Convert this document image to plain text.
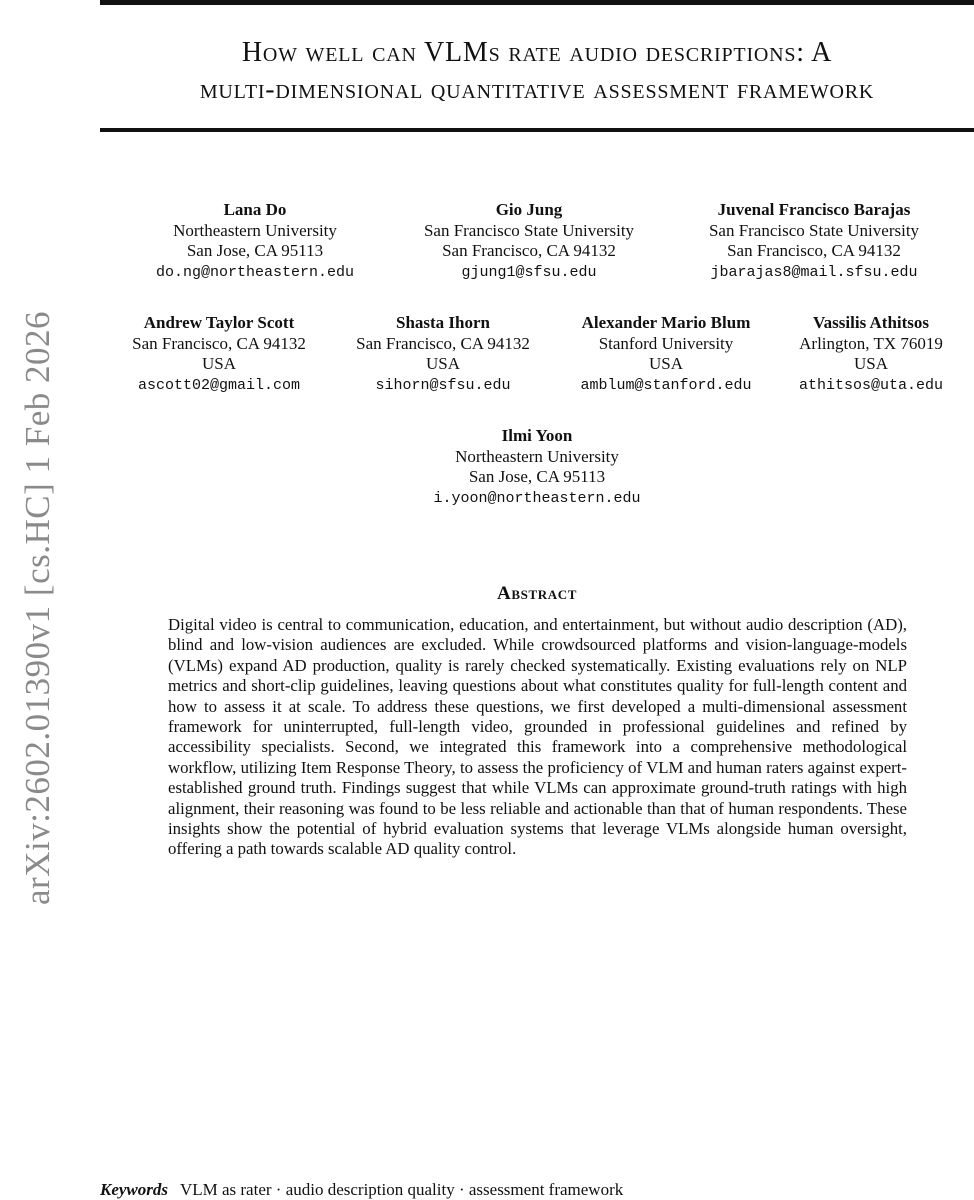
arXiv:2602.01390v1 [cs.HC] 1 Feb 2026
How well can VLMs rate audio descriptions: A
multi-dimensional quantitative assessment framework
Lana Do
Northeastern University
San Jose, CA 95113
do.ng@northeastern.edu
Gio Jung
San Francisco State University
San Francisco, CA 94132
gjung1@sfsu.edu
Juvenal Francisco Barajas
San Francisco State University
San Francisco, CA 94132
jbarajas8@mail.sfsu.edu
Andrew Taylor Scott
San Francisco, CA 94132
USA
ascott02@gmail.com
Shasta Ihorn
San Francisco, CA 94132
USA
sihorn@sfsu.edu
Alexander Mario Blum
Stanford University
USA
amblum@stanford.edu
Vassilis Athitsos
Arlington, TX 76019
USA
athitsos@uta.edu
Ilmi Yoon
Northeastern University
San Jose, CA 95113
i.yoon@northeastern.edu
Abstract
Digital video is central to communication, education, and entertainment, but without audio description (AD), blind and low-vision audiences are excluded. While crowdsourced platforms and vision-language-models (VLMs) expand AD production, quality is rarely checked systematically. Existing evaluations rely on NLP metrics and short-clip guidelines, leaving questions about what constitutes quality for full-length content and how to assess it at scale. To address these questions, we first developed a multi-dimensional assessment framework for uninterrupted, full-length video, grounded in professional guidelines and refined by accessibility specialists. Second, we integrated this framework into a comprehensive methodological workflow, utilizing Item Response Theory, to assess the proficiency of VLM and human raters against expert-established ground truth. Findings suggest that while VLMs can approximate ground-truth ratings with high alignment, their reasoning was found to be less reliable and actionable than that of human respondents. These insights show the potential of hybrid evaluation systems that leverage VLMs alongside human oversight, offering a path towards scalable AD quality control.
Keywords VLM as rater · audio description quality · assessment framework
